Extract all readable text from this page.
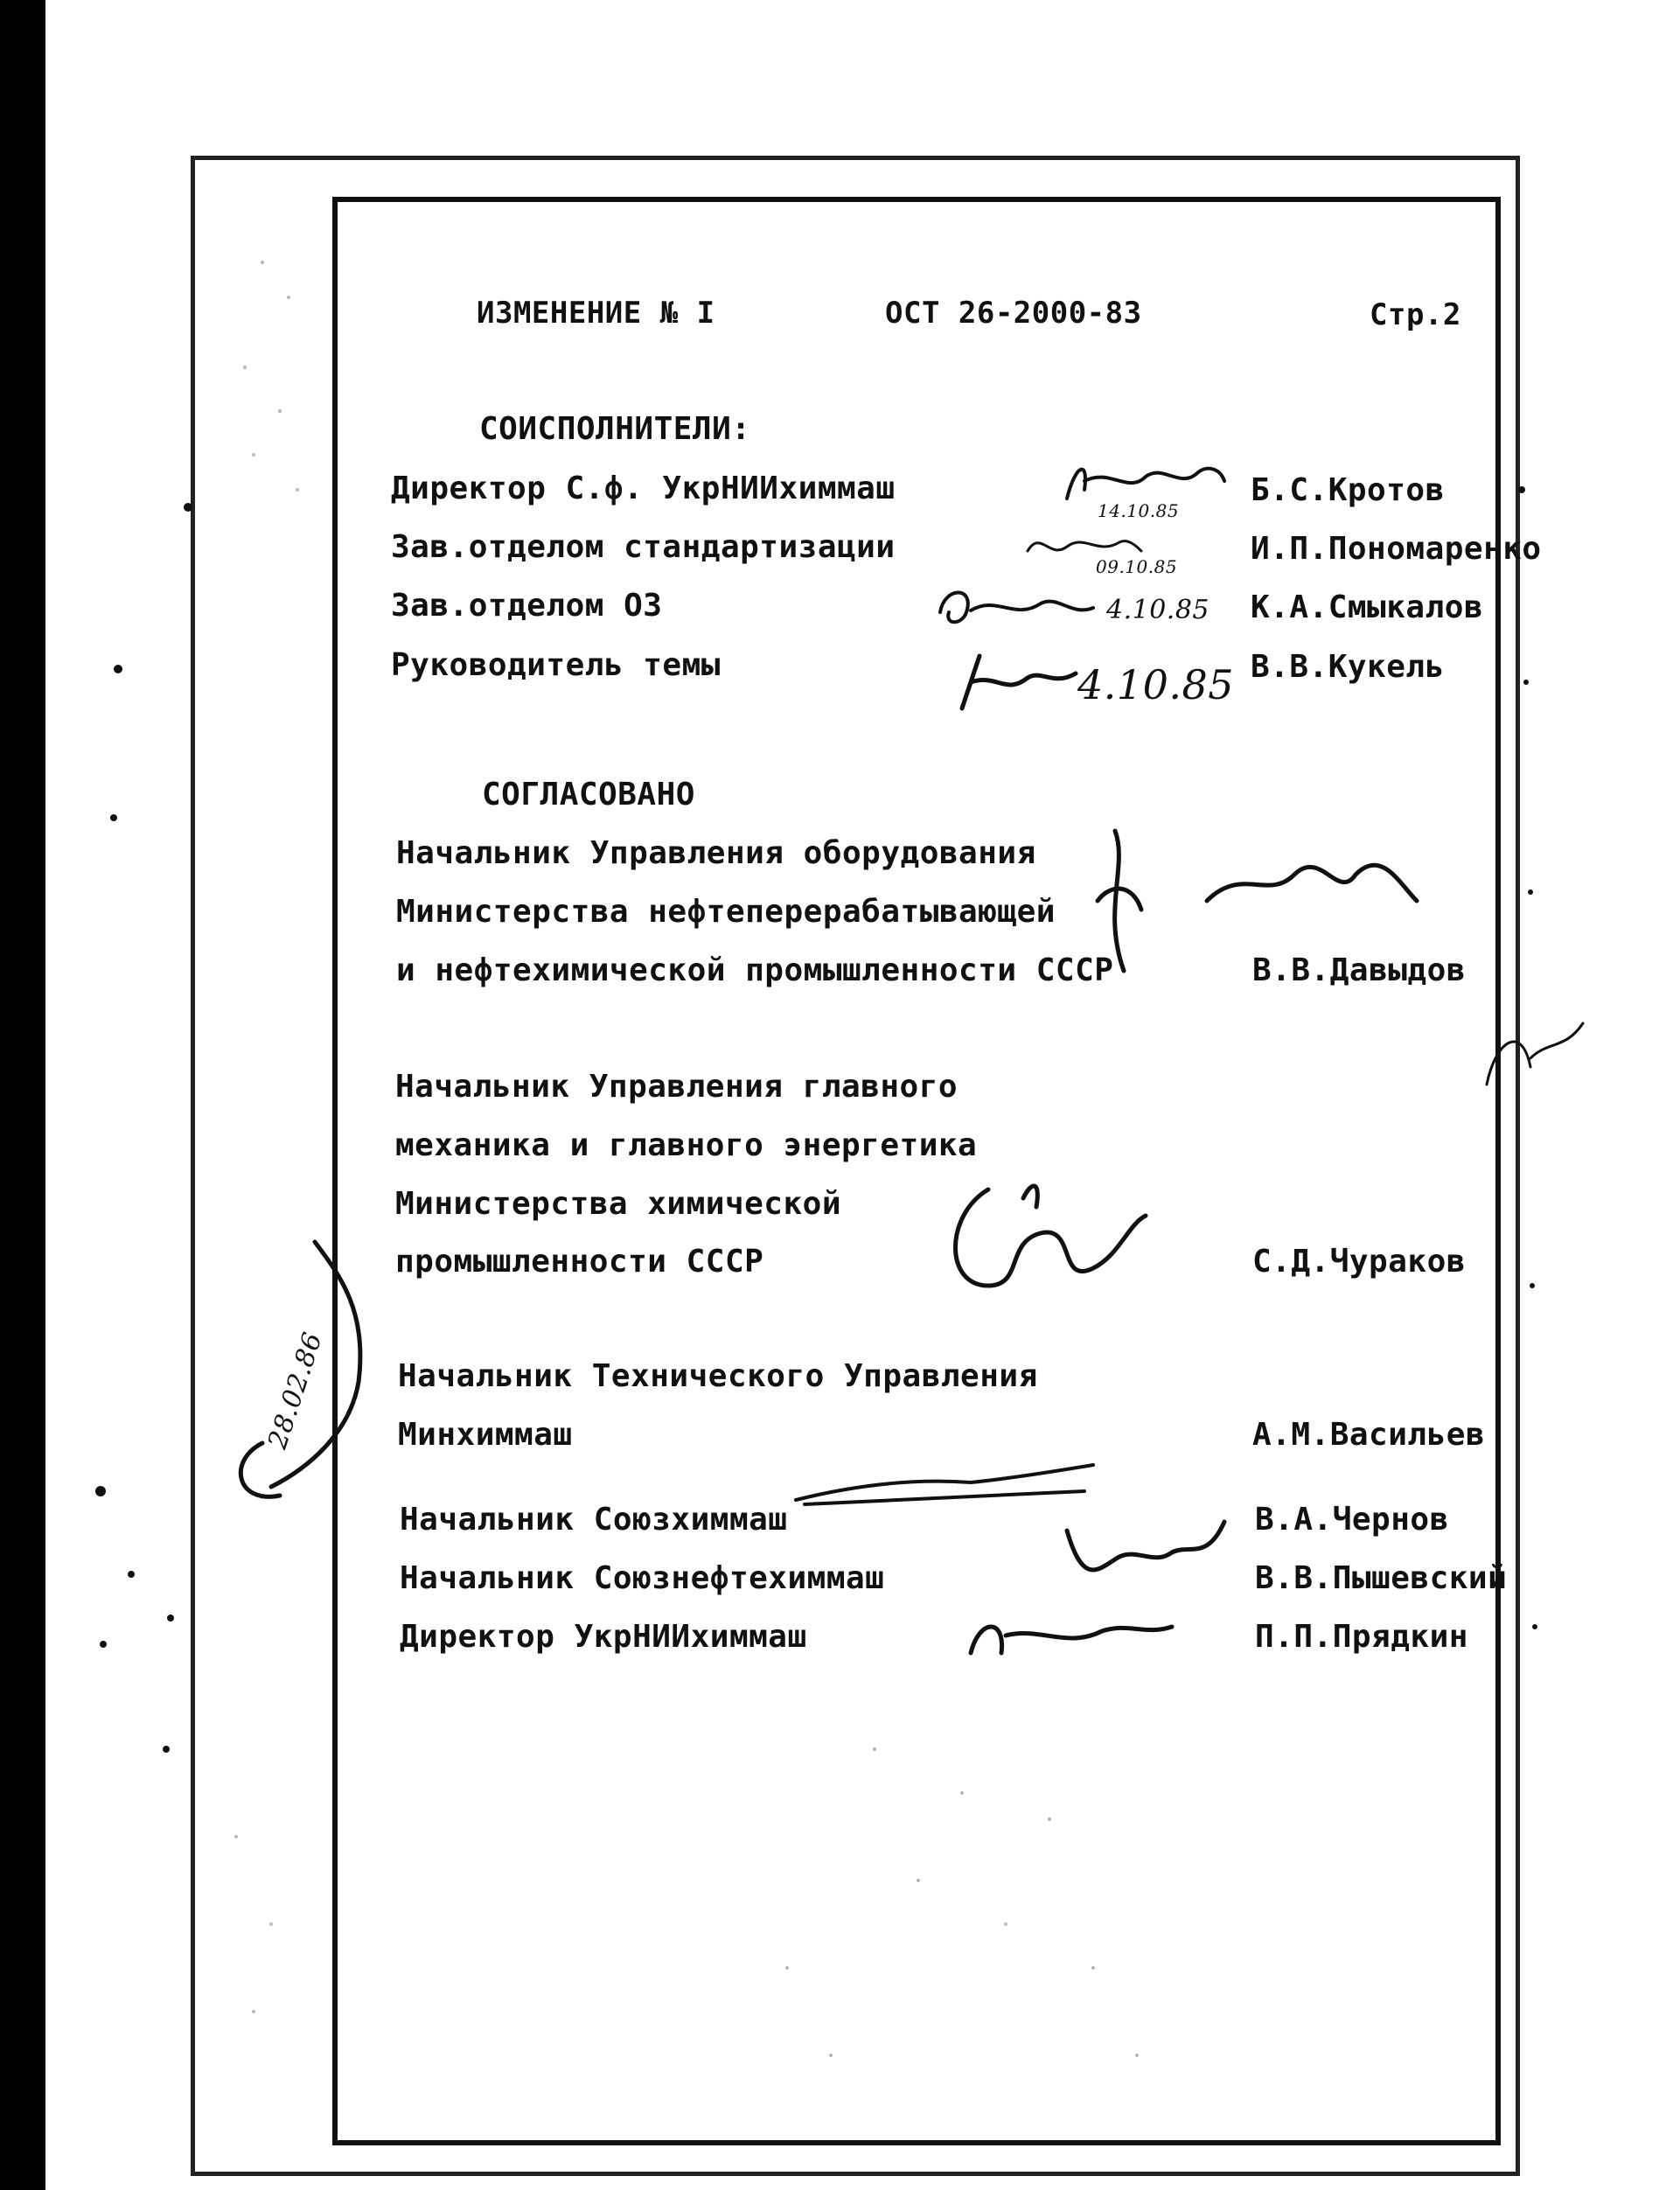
ИЗМЕНЕНИЕ № I	ОСТ 26-2000-83	Стр.2
СОИСПОЛНИТЕЛИ:
Директор С.ф. УкрНИИхиммаш	Б.С.Кротов
Зав.отделом стандартизации	И.П.Пономаренко
Зав.отделом ОЗ	К.А.Смыкалов
Руководитель темы	В.В.Кукель
14.10.85
09.10.85
4.10.85
4.10.85
СОГЛАСОВАНО
Начальник Управления оборудования
Министерства нефтеперерабатывающей
и нефтехимической промышленности СССР	В.В.Давыдов
Начальник Управления главного
механика и главного энергетика
Министерства химической
промышленности СССР	С.Д.Чураков
Начальник Технического Управления
Минхиммаш	А.М.Васильев
Начальник Союзхиммаш	В.А.Чернов
Начальник Союзнефтехиммаш	В.В.Пышевский
Директор УкрНИИхиммаш	П.П.Прядкин
28.02.86
